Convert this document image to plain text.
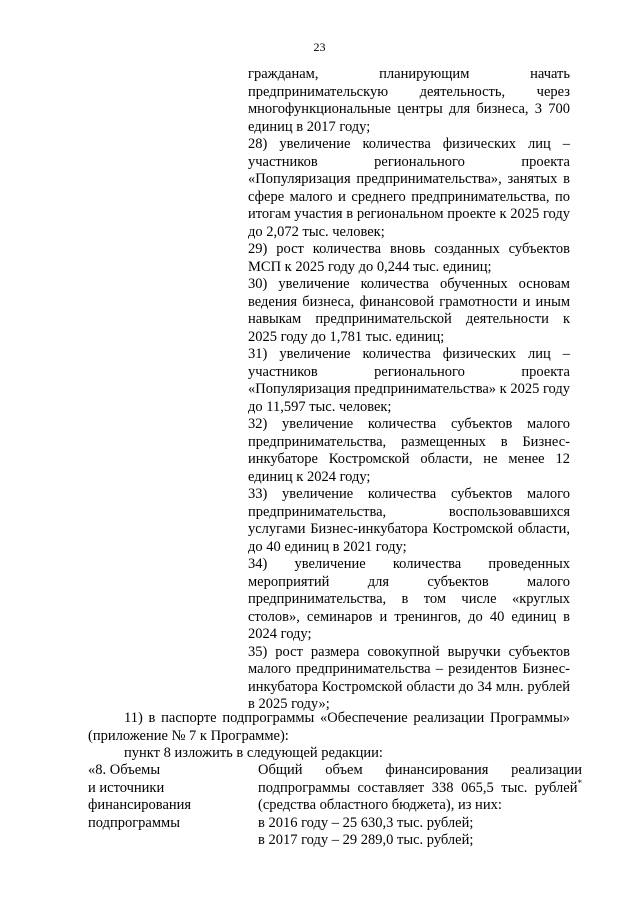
23

гражданам, планирующим начать предпринимательскую деятельность, через многофункциональные центры для бизнеса, 3 700 единиц в 2017 году;

28) увеличение количества физических лиц – участников регионального проекта «Популяризация предпринимательства», занятых в сфере малого и среднего предпринимательства, по итогам участия в региональном проекте к 2025 году до 2,072 тыс. человек;

29) рост количества вновь созданных субъектов МСП к 2025 году до 0,244 тыс. единиц;

30) увеличение количества обученных основам ведения бизнеса, финансовой грамотности и иным навыкам предпринимательской деятельности к 2025 году до 1,781 тыс. единиц;

31) увеличение количества физических лиц – участников регионального проекта «Популяризация предпринимательства» к 2025 году до 11,597 тыс. человек;

32) увеличение количества субъектов малого предпринимательства, размещенных в Бизнес-инкубаторе Костромской области, не менее 12 единиц к 2024 году;

33) увеличение количества субъектов малого предпринимательства, воспользовавшихся услугами Бизнес-инкубатора Костромской области, до 40 единиц в 2021 году;

34) увеличение количества проведенных мероприятий для субъектов малого предпринимательства, в том числе «круглых столов», семинаров и тренингов, до 40 единиц в 2024 году;

35) рост размера совокупной выручки субъектов малого предпринимательства – резидентов Бизнес-инкубатора Костромской области до 34 млн. рублей в 2025 году»;

11) в паспорте подпрограммы «Обеспечение реализации Программы» (приложение № 7 к Программе):

пункт 8 изложить в следующей редакции:

«8. Объемы
и источники
финансирования
подпрограммы

Общий объем финансирования реализации подпрограммы составляет 338 065,5 тыс. рублей* (средства областного бюджета), из них:

в 2016 году – 25 630,3 тыс. рублей;

в 2017 году – 29 289,0 тыс. рублей;
